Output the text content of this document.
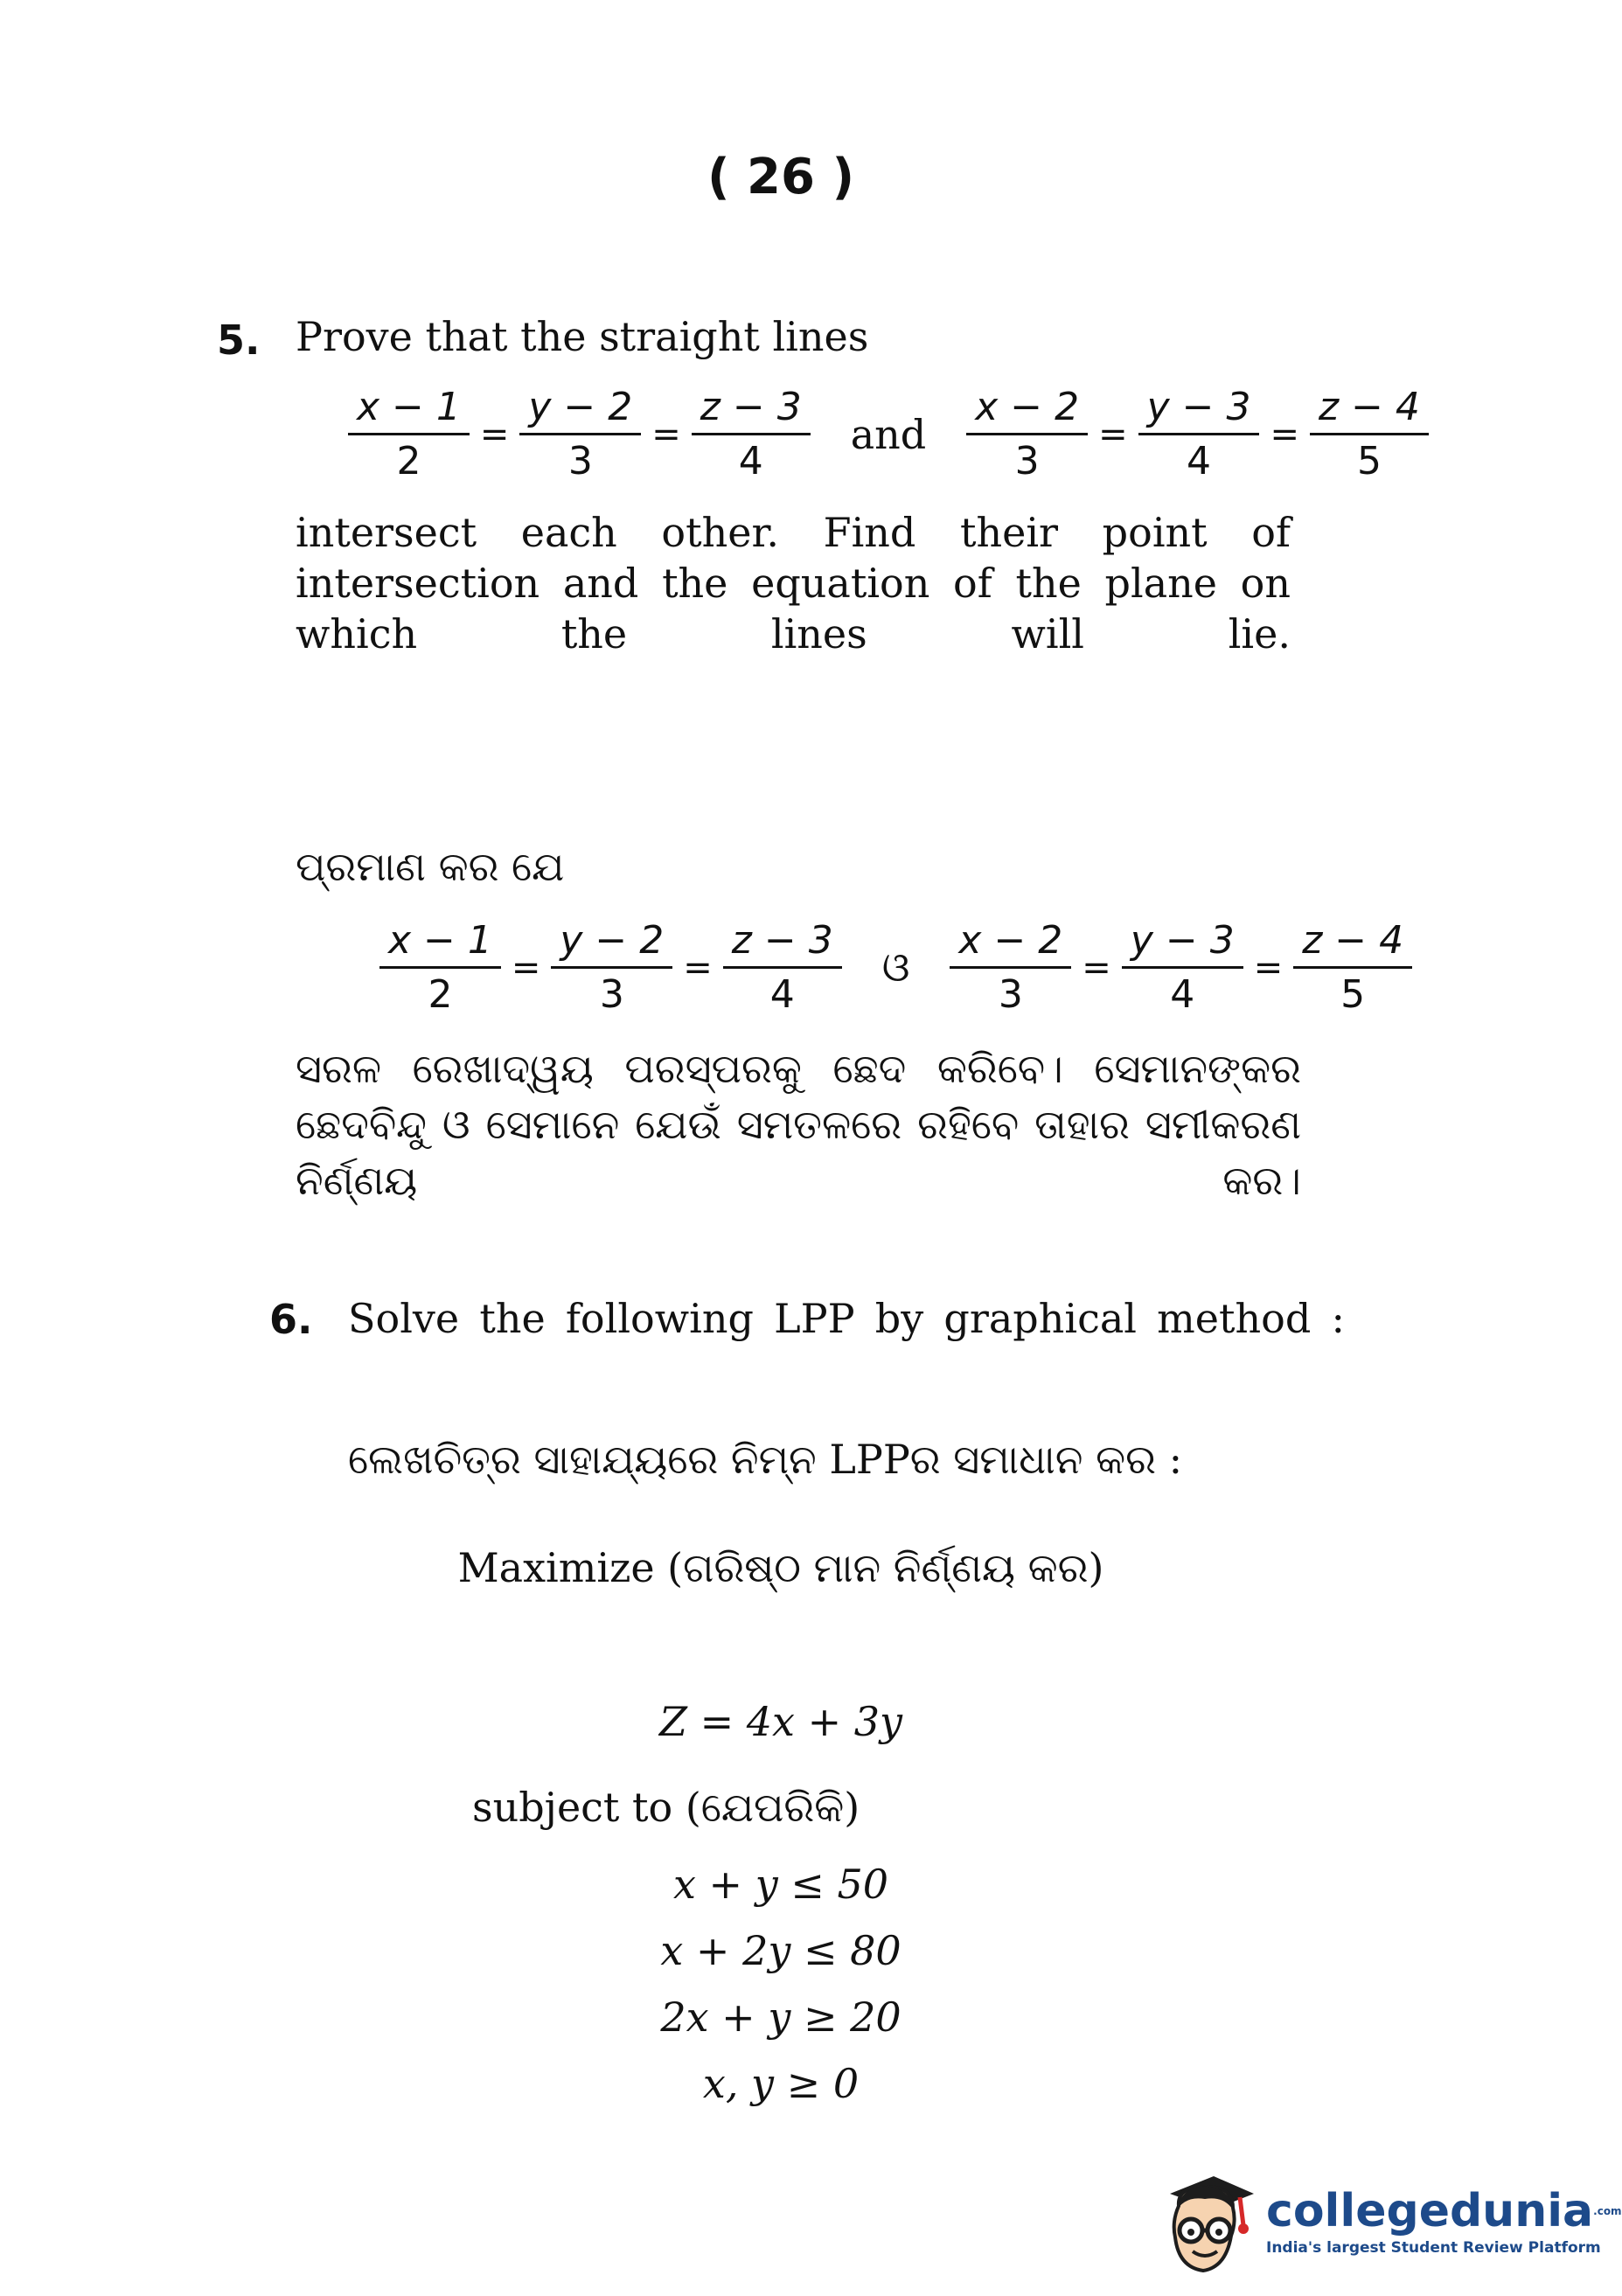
( 26 )
5. Prove that the straight lines
$\frac{x - 1}{2} = \frac{y - 2}{3} = \frac{z - 3}{4}$ and $\frac{x - 2}{3} = \frac{y - 3}{4} = \frac{z - 4}{5}$
intersect each other. Find their point of intersection and the equation of the plane on which the lines will lie.
ପ୍ରମାଣ କର ଯେ
$\frac{x - 1}{2} = \frac{y - 2}{3} = \frac{z - 3}{4}$ ଓ $\frac{x - 2}{3} = \frac{y - 3}{4} = \frac{z - 4}{5}$
ସରଳ ରେଖାଦ୍ୱୟ ପରସ୍ପରକୁ ଛେଦ କରିବେ। ସେମାନଙ୍କର ଛେଦବିନ୍ଦୁ ଓ ସେମାନେ ଯେଉଁ ସମତଳରେ ରହିବେ ତାହାର ସମୀକରଣ ନିର୍ଣ୍ଣୟ କର।
6. Solve the following LPP by graphical method :
ଲେଖଚିତ୍ର ସାହାଯ୍ୟରେ ନିମ୍ନ LPPର ସମାଧାନ କର :
Maximize (ଗରିଷ୍ଠ ମାନ ନିର୍ଣ୍ଣୟ କର)
Z = 4x + 3y
subject to (ଯେପରିକି)
x + y ≤ 50
x + 2y ≤ 80
2x + y ≥ 20
x, y ≥ 0
collegedunia$^{.com}$
India's largest Student Review Platform
